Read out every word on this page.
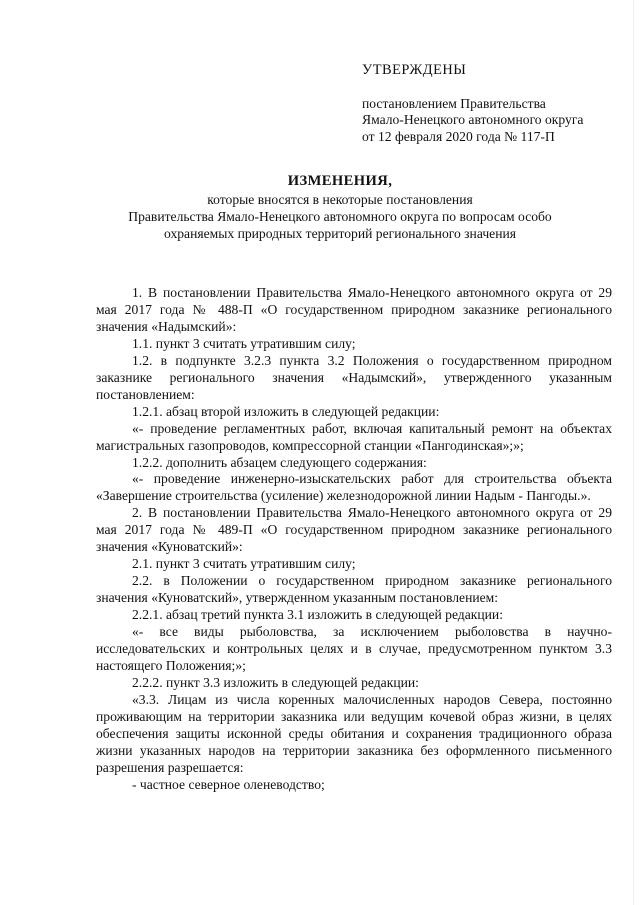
УТВЕРЖДЕНЫ
постановлением Правительства
Ямало-Ненецкого автономного округа
от 12 февраля 2020 года № 117-П
ИЗМЕНЕНИЯ,
которые вносятся в некоторые постановления
Правительства Ямало-Ненецкого автономного округа по вопросам особо
охраняемых природных территорий регионального значения

1. В постановлении Правительства Ямало-Ненецкого автономного округа от 29 мая 2017 года № 488-П «О государственном природном заказнике регионального значения «Надымский»:

1.1. пункт 3 считать утратившим силу;

1.2. в подпункте 3.2.3 пункта 3.2 Положения о государственном природном заказнике регионального значения «Надымский», утвержденного указанным постановлением:

1.2.1. абзац второй изложить в следующей редакции:

«- проведение регламентных работ, включая капитальный ремонт на объектах магистральных газопроводов, компрессорной станции «Пангодинская»;»;

1.2.2. дополнить абзацем следующего содержания:

«- проведение инженерно-изыскательских работ для строительства объекта «Завершение строительства (усиление) железнодорожной линии Надым - Пангоды.».

2. В постановлении Правительства Ямало-Ненецкого автономного округа от 29 мая 2017 года № 489-П «О государственном природном заказнике регионального значения «Куноватский»:

2.1. пункт 3 считать утратившим силу;

2.2. в Положении о государственном природном заказнике регионального значения «Куноватский», утвержденном указанным постановлением:

2.2.1. абзац третий пункта 3.1 изложить в следующей редакции:

«- все виды рыболовства, за исключением рыболовства в научно-исследовательских и контрольных целях и в случае, предусмотренном пунктом 3.3 настоящего Положения;»;

2.2.2. пункт 3.3 изложить в следующей редакции:

«3.3. Лицам из числа коренных малочисленных народов Севера, постоянно проживающим на территории заказника или ведущим кочевой образ жизни, в целях обеспечения защиты исконной среды обитания и сохранения традиционного образа жизни указанных народов на территории заказника без оформленного письменного разрешения разрешается:

- частное северное оленеводство;
